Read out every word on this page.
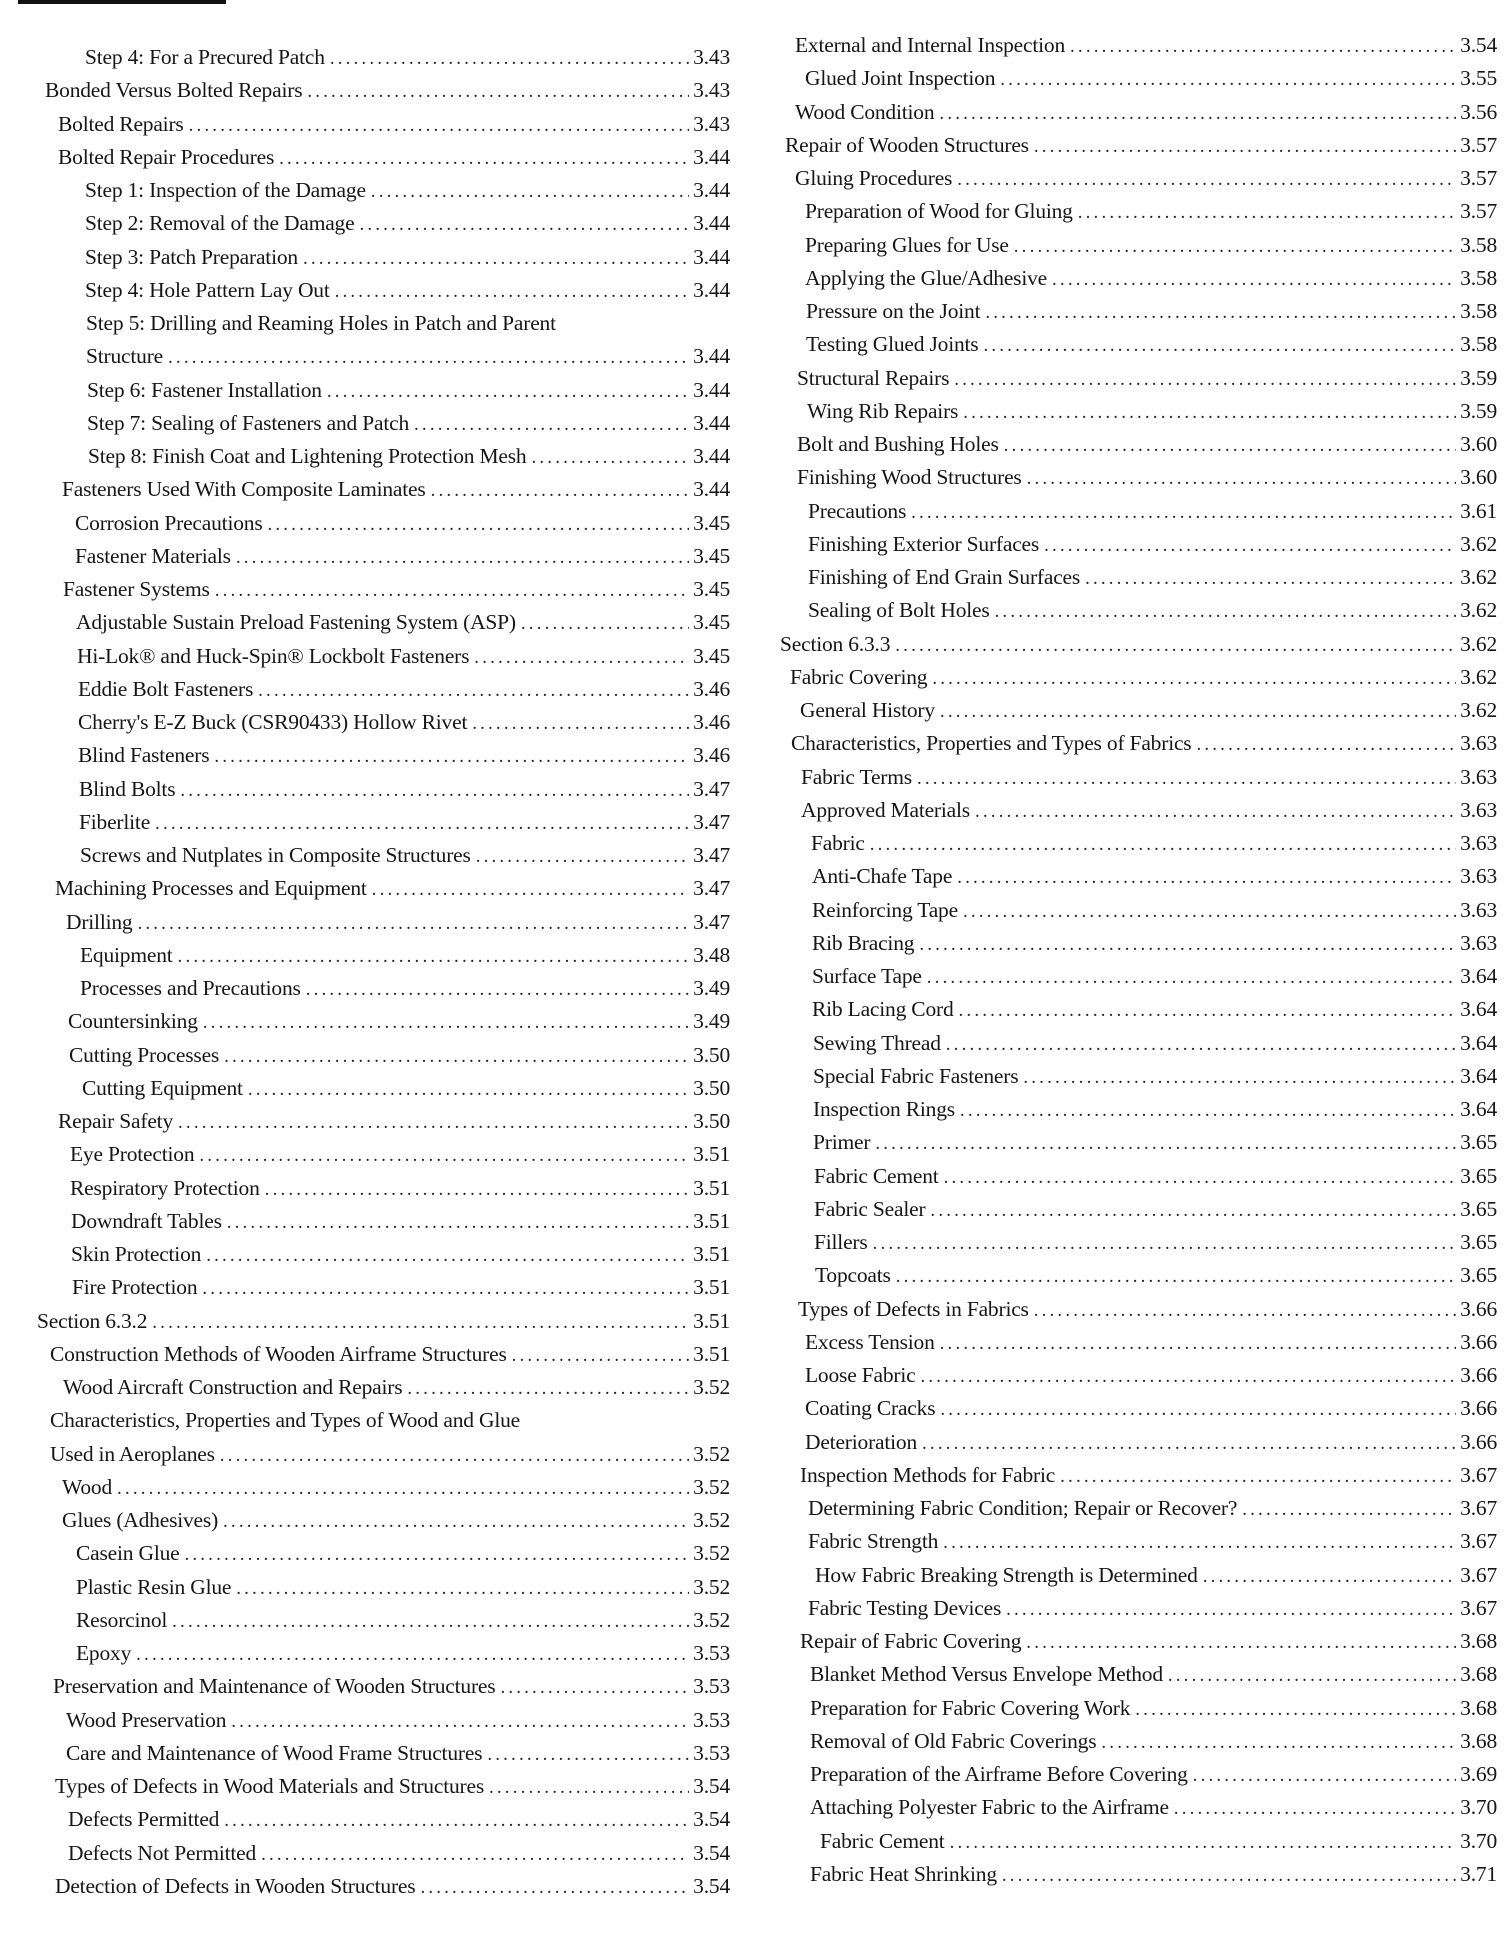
Step 4: For a Precured Patch . . .	3.43
Bonded Versus Bolted Repairs . . .	3.43
Bolted Repairs . . .	3.43
Bolted Repair Procedures . . .	3.44
Step 1: Inspection of the Damage . . .	3.44
Step 2: Removal of the Damage . . .	3.44
Step 3: Patch Preparation . . .	3.44
Step 4: Hole Pattern Lay Out . . .	3.44
Step 5: Drilling and Reaming Holes in Patch and Parent
Structure . . .	3.44
Step 6: Fastener Installation . . .	3.44
Step 7: Sealing of Fasteners and Patch . . .	3.44
Step 8: Finish Coat and Lightening Protection Mesh . . .	3.44
Fasteners Used With Composite Laminates . . .	3.44
Corrosion Precautions . . .	3.45
Fastener Materials . . .	3.45
Fastener Systems . . .	3.45
Adjustable Sustain Preload Fastening System (ASP) . . .	3.45
Hi-Lok® and Huck-Spin® Lockbolt Fasteners . . .	3.45
Eddie Bolt Fasteners . . .	3.46
Cherry's E-Z Buck (CSR90433) Hollow Rivet . . .	3.46
Blind Fasteners . . .	3.46
Blind Bolts . . .	3.47
Fiberlite . . .	3.47
Screws and Nutplates in Composite Structures . . .	3.47
Machining Processes and Equipment . . .	3.47
Drilling . . .	3.47
Equipment . . .	3.48
Processes and Precautions . . .	3.49
Countersinking . . .	3.49
Cutting Processes . . .	3.50
Cutting Equipment . . .	3.50
Repair Safety . . .	3.50
Eye Protection . . .	3.51
Respiratory Protection . . .	3.51
Downdraft Tables . . .	3.51
Skin Protection . . .	3.51
Fire Protection . . .	3.51
Section 6.3.2 . . .	3.51
Construction Methods of Wooden Airframe Structures . . .	3.51
Wood Aircraft Construction and Repairs . . .	3.52
Characteristics, Properties and Types of Wood and Glue
Used in Aeroplanes . . .	3.52
Wood . . .	3.52
Glues (Adhesives) . . .	3.52
Casein Glue . . .	3.52
Plastic Resin Glue . . .	3.52
Resorcinol . . .	3.52
Epoxy . . .	3.53
Preservation and Maintenance of Wooden Structures . . .	3.53
Wood Preservation . . .	3.53
Care and Maintenance of Wood Frame Structures . . .	3.53
Types of Defects in Wood Materials and Structures . . .	3.54
Defects Permitted . . .	3.54
Defects Not Permitted . . .	3.54
Detection of Defects in Wooden Structures . . .	3.54
External and Internal Inspection . . .	3.54
Glued Joint Inspection . . .	3.55
Wood Condition . . .	3.56
Repair of Wooden Structures . . .	3.57
Gluing Procedures . . .	3.57
Preparation of Wood for Gluing . . .	3.57
Preparing Glues for Use . . .	3.58
Applying the Glue/Adhesive . . .	3.58
Pressure on the Joint . . .	3.58
Testing Glued Joints . . .	3.58
Structural Repairs . . .	3.59
Wing Rib Repairs . . .	3.59
Bolt and Bushing Holes . . .	3.60
Finishing Wood Structures . . .	3.60
Precautions . . .	3.61
Finishing Exterior Surfaces . . .	3.62
Finishing of End Grain Surfaces . . .	3.62
Sealing of Bolt Holes . . .	3.62
Section 6.3.3 . . .	3.62
Fabric Covering . . .	3.62
General History . . .	3.62
Characteristics, Properties and Types of Fabrics . . .	3.63
Fabric Terms . . .	3.63
Approved Materials . . .	3.63
Fabric . . .	3.63
Anti-Chafe Tape . . .	3.63
Reinforcing Tape . . .	3.63
Rib Bracing . . .	3.63
Surface Tape . . .	3.64
Rib Lacing Cord . . .	3.64
Sewing Thread . . .	3.64
Special Fabric Fasteners . . .	3.64
Inspection Rings . . .	3.64
Primer . . .	3.65
Fabric Cement . . .	3.65
Fabric Sealer . . .	3.65
Fillers . . .	3.65
Topcoats . . .	3.65
Types of Defects in Fabrics . . .	3.66
Excess Tension . . .	3.66
Loose Fabric . . .	3.66
Coating Cracks . . .	3.66
Deterioration . . .	3.66
Inspection Methods for Fabric . . .	3.67
Determining Fabric Condition; Repair or Recover? . . .	3.67
Fabric Strength . . .	3.67
How Fabric Breaking Strength is Determined . . .	3.67
Fabric Testing Devices . . .	3.67
Repair of Fabric Covering . . .	3.68
Blanket Method Versus Envelope Method . . .	3.68
Preparation for Fabric Covering Work . . .	3.68
Removal of Old Fabric Coverings . . .	3.68
Preparation of the Airframe Before Covering . . .	3.69
Attaching Polyester Fabric to the Airframe . . .	3.70
Fabric Cement . . .	3.70
Fabric Heat Shrinking . . .	3.71
